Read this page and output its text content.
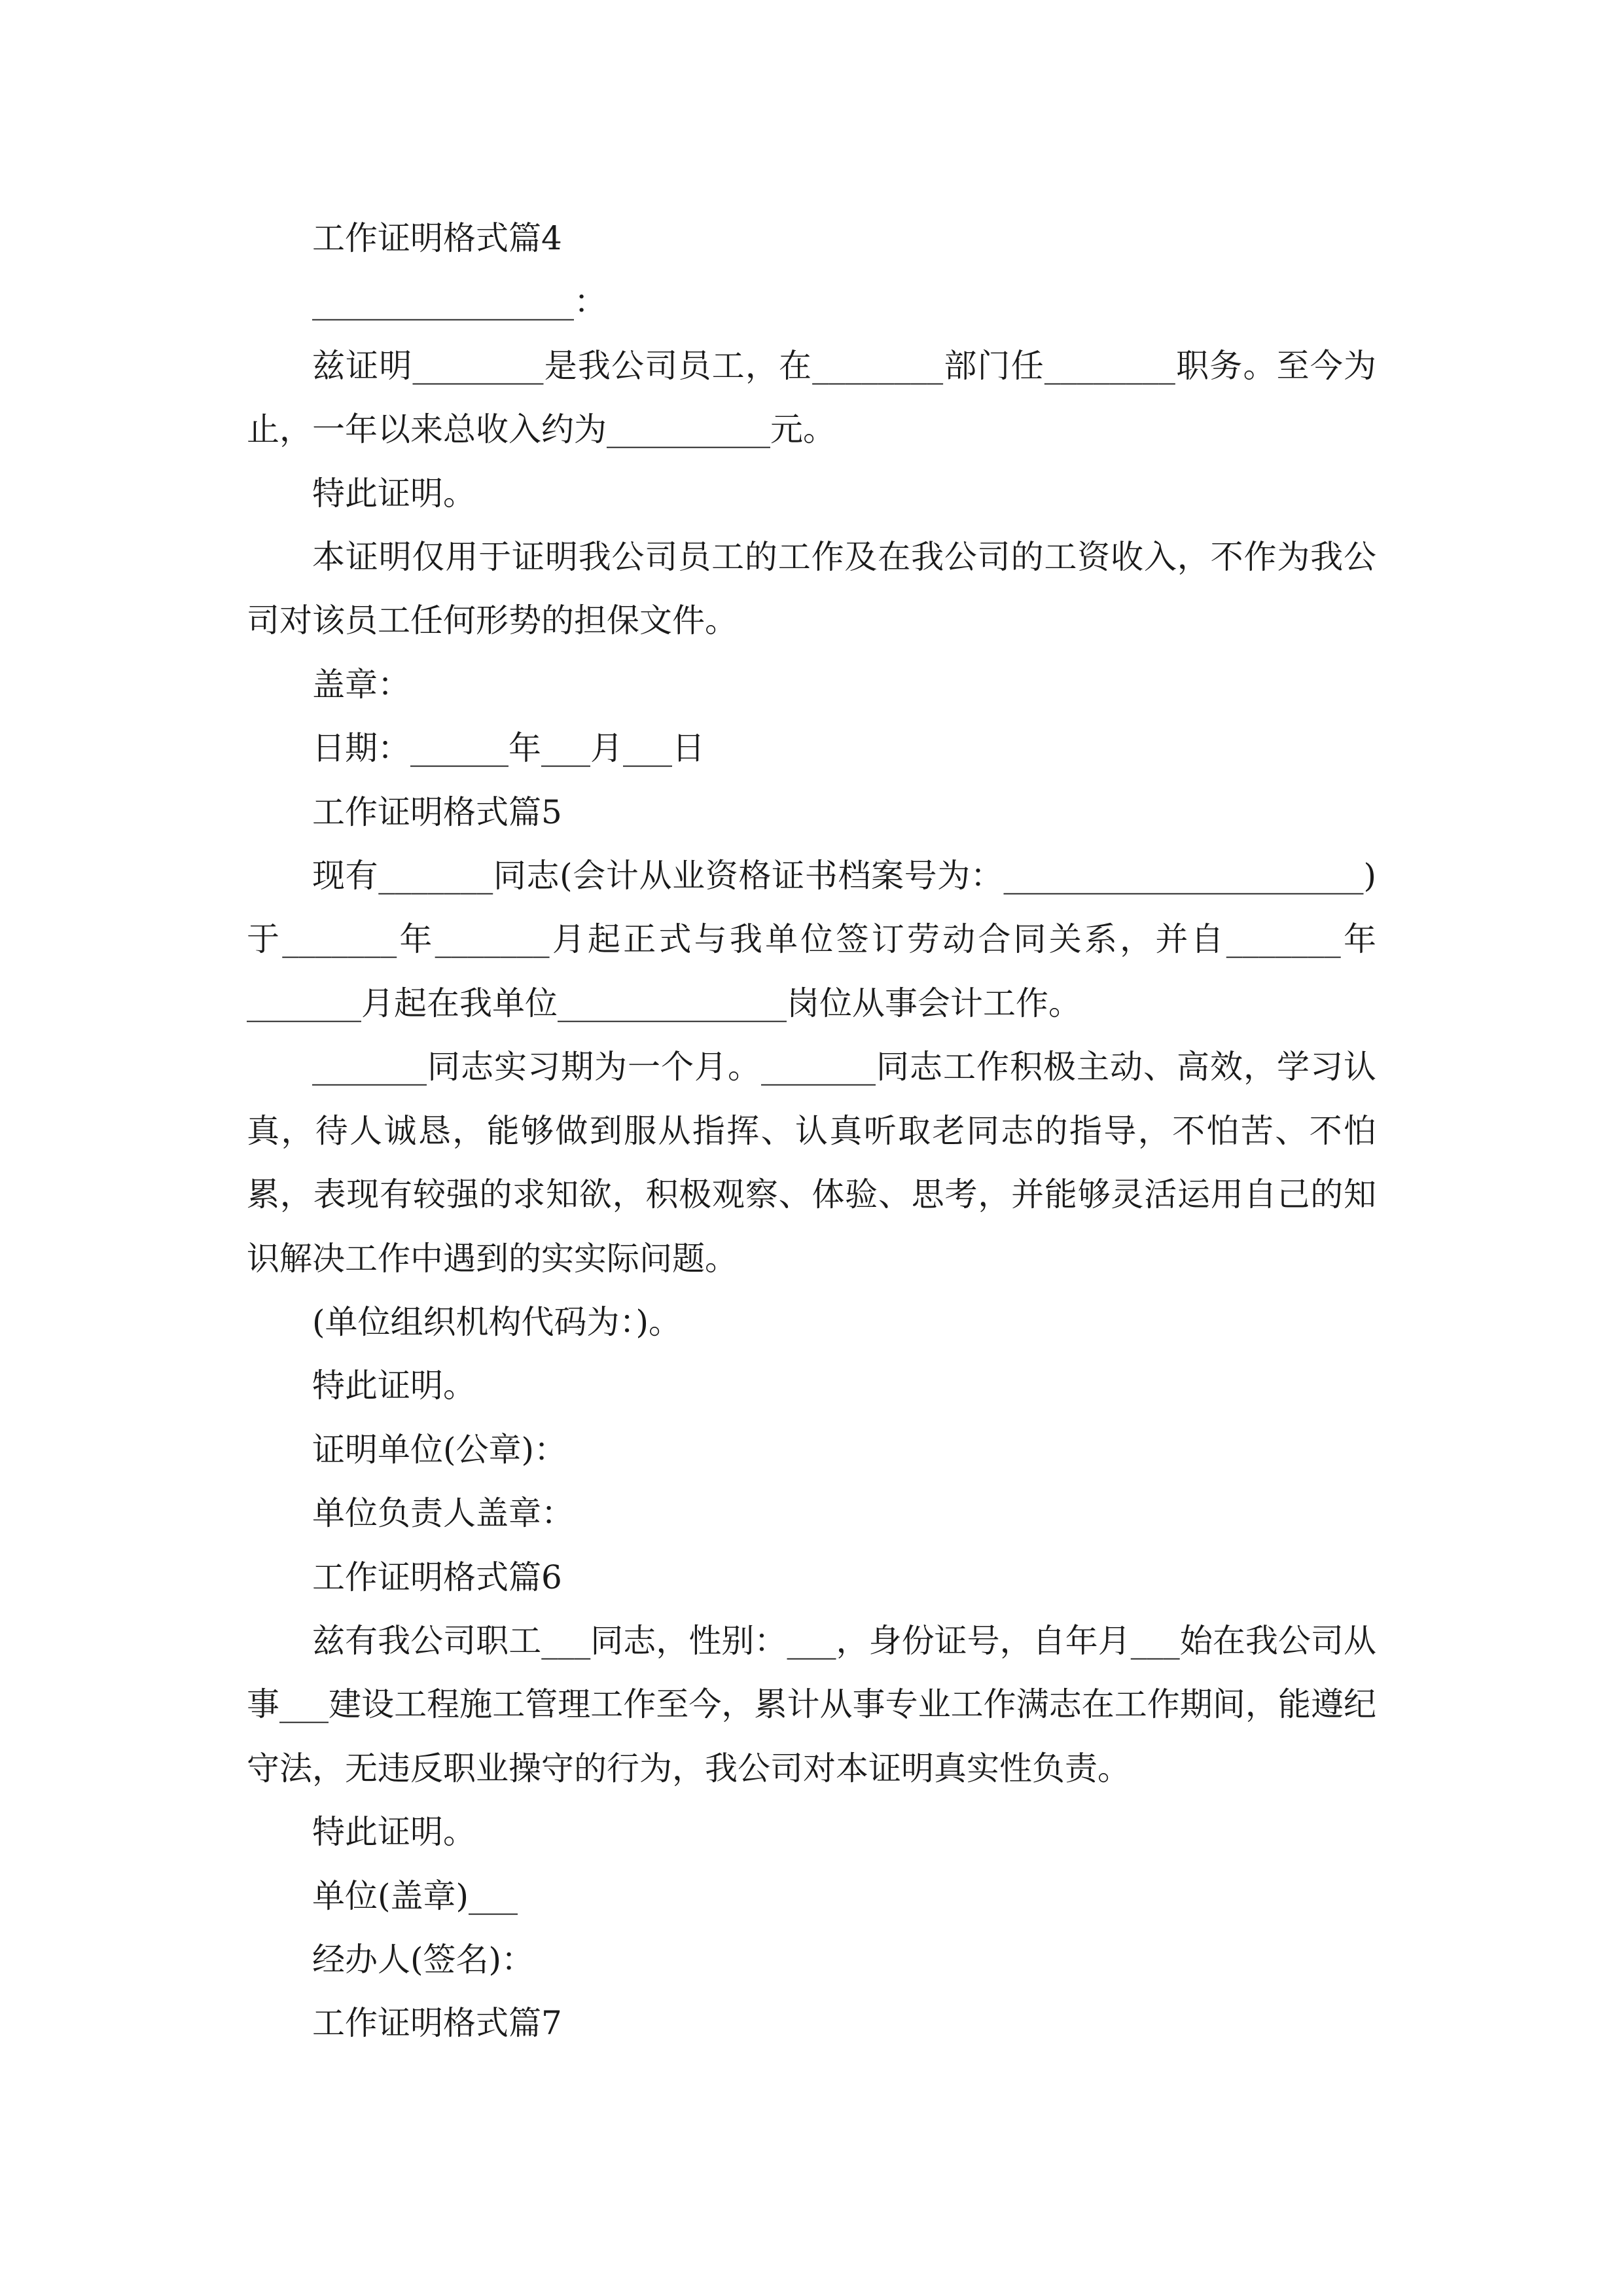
工作证明格式篇4

________________：

兹证明________是我公司员工，在________部门任________职务。至今为止，一年以来总收入约为__________元。

特此证明。

本证明仅用于证明我公司员工的工作及在我公司的工资收入，不作为我公司对该员工任何形势的担保文件。

盖章：

日期：______年___月___日

工作证明格式篇5

现有_______同志(会计从业资格证书档案号为：______________________)于_______年_______月起正式与我单位签订劳动合同关系，并自_______年_______月起在我单位______________岗位从事会计工作。

_______同志实习期为一个月。_______同志工作积极主动、高效，学习认真，待人诚恳，能够做到服从指挥、认真听取老同志的指导，不怕苦、不怕累，表现有较强的求知欲，积极观察、体验、思考，并能够灵活运用自己的知识解决工作中遇到的实实际问题。

(单位组织机构代码为：)。

特此证明。

证明单位(公章)：

单位负责人盖章：

工作证明格式篇6

兹有我公司职工___同志，性别：___，身份证号，自年月___始在我公司从事___建设工程施工管理工作至今，累计从事专业工作满志在工作期间，能遵纪守法，无违反职业操守的行为，我公司对本证明真实性负责。

特此证明。

单位(盖章)___

经办人(签名)：

工作证明格式篇7
